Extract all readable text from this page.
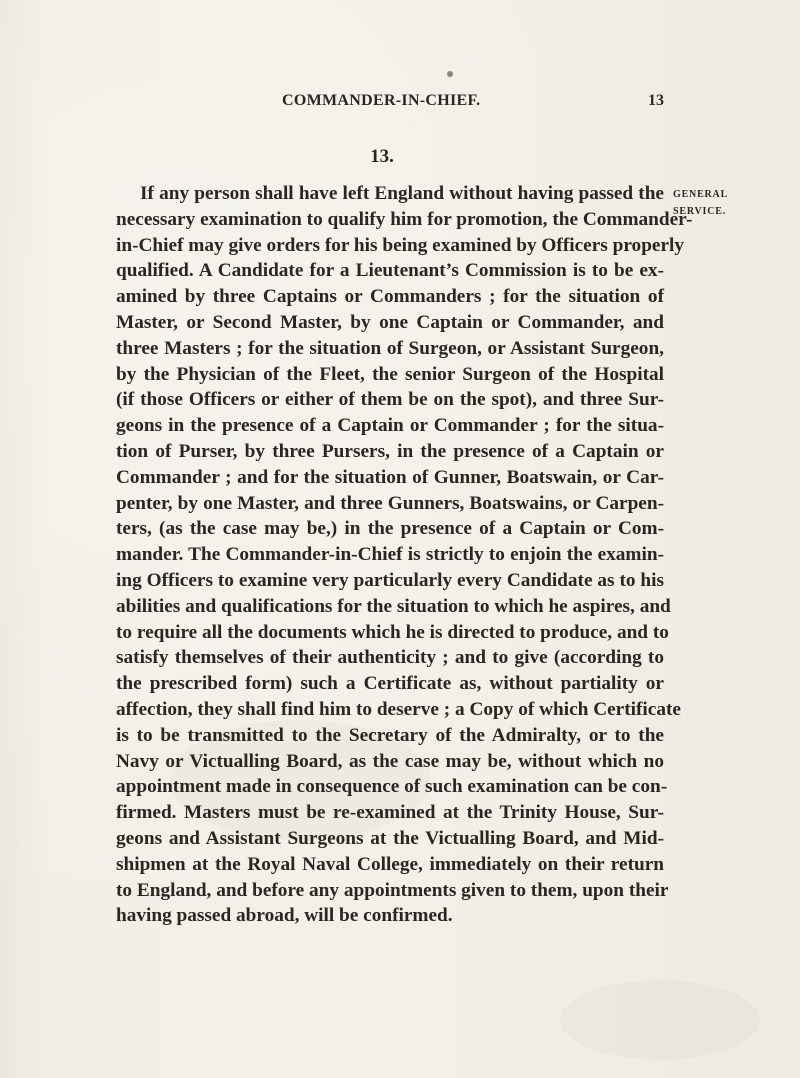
COMMANDER-IN-CHIEF.	13
13.
GENERAL
SERVICE.
If any person shall have left England without having passed the
necessary examination to qualify him for promotion, the Commander-
in-Chief may give orders for his being examined by Officers properly
qualified. A Candidate for a Lieutenant’s Commission is to be ex-
amined by three Captains or Commanders ; for the situation of
Master, or Second Master, by one Captain or Commander, and
three Masters ; for the situation of Surgeon, or Assistant Surgeon,
by the Physician of the Fleet, the senior Surgeon of the Hospital
(if those Officers or either of them be on the spot), and three Sur-
geons in the presence of a Captain or Commander ; for the situa-
tion of Purser, by three Pursers, in the presence of a Captain or
Commander ; and for the situation of Gunner, Boatswain, or Car-
penter, by one Master, and three Gunners, Boatswains, or Carpen-
ters, (as the case may be,) in the presence of a Captain or Com-
mander. The Commander-in-Chief is strictly to enjoin the examin-
ing Officers to examine very particularly every Candidate as to his
abilities and qualifications for the situation to which he aspires, and
to require all the documents which he is directed to produce, and to
satisfy themselves of their authenticity ; and to give (according to
the prescribed form) such a Certificate as, without partiality or
affection, they shall find him to deserve ; a Copy of which Certificate
is to be transmitted to the Secretary of the Admiralty, or to the
Navy or Victualling Board, as the case may be, without which no
appointment made in consequence of such examination can be con-
firmed. Masters must be re-examined at the Trinity House, Sur-
geons and Assistant Surgeons at the Victualling Board, and Mid-
shipmen at the Royal Naval College, immediately on their return
to England, and before any appointments given to them, upon their
having passed abroad, will be confirmed.
